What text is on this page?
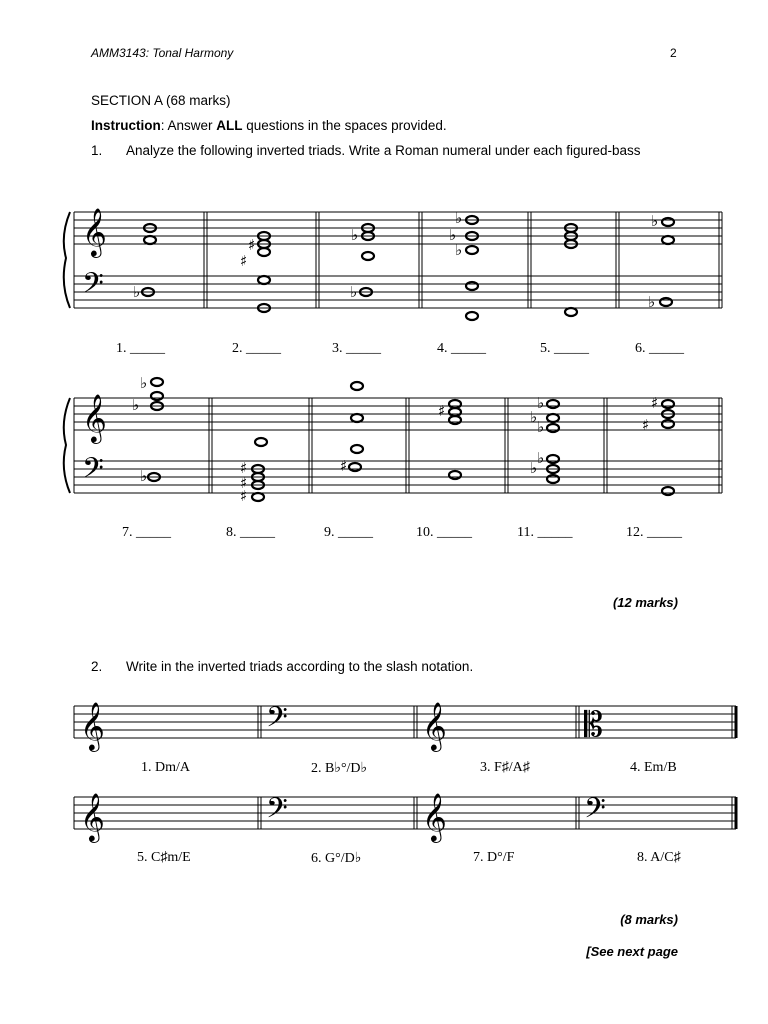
AMM3143: Tonal Harmony	2
SECTION A (68 marks)
Instruction: Answer ALL questions in the spaces provided.
1. Analyze the following inverted triads. Write a Roman numeral under each figured-bass
𝄞
𝄢
𝄞
𝄢
♭
♯
♯
♭
♭
♭
♭
♭
♭
♭
♭
♭
♭	♯
♯
♯
♯
♯	♭
♭
♭
♭
♭
♯
♯
1. _____	2. _____	3. _____	4. _____	5. _____	6. _____
7. _____	8. _____	9. _____	10. _____	11. _____	12. _____
(12 marks)
2. Write in the inverted triads according to the slash notation.
𝄞	𝄢	𝄞	𝄡
𝄞	𝄢	𝄞	𝄢
1. Dm/A	2. B♭°/D♭	3. F♯/A♯	4. Em/B
5. C♯m/E	6. G°/D♭	7. D°/F	8. A/C♯
(8 marks)
[See next page
